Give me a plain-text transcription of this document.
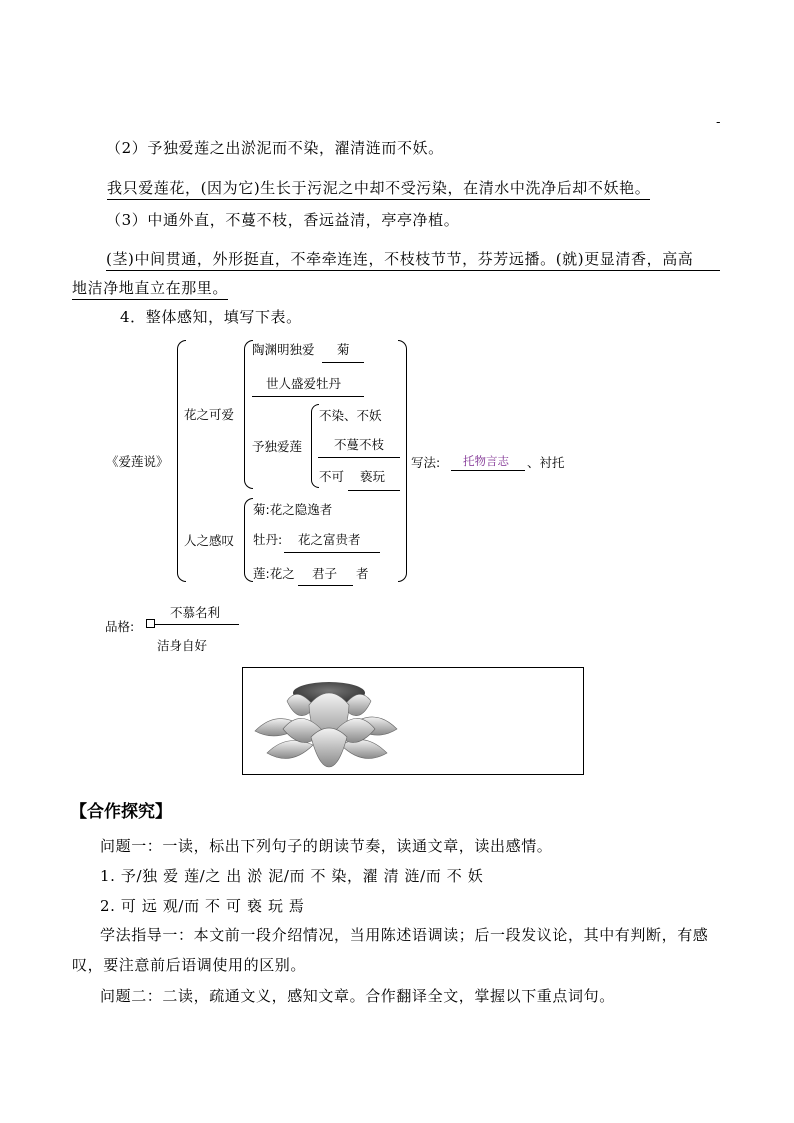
-
（2）予独爱莲之出淤泥而不染，濯清涟而不妖。
我只爱莲花，(因为它)生长于污泥之中却不受污染，在清水中洗净后却不妖艳。
（3）中通外直，不蔓不枝，香远益清，亭亭净植。
(茎)中间贯通，外形挺直，不牵牵连连，不枝枝节节，芬芳远播。(就)更显清香，高高
地洁净地直立在那里。
4．整体感知，填写下表。
《爱莲说》
花之可爱
陶渊明独爱 菊
世人盛爱牡丹
予独爱莲
不染、不妖
不蔓不枝
不可 亵玩
写法: 托物言志 、衬托
人之感叹
菊:花之隐逸者
牡丹: 花之富贵者
莲:花之 君子 者
品格:
不慕名利
洁身自好
【合作探究】
问题一：一读，标出下列句子的朗读节奏，读通文章，读出感情。
1. 予/独 爱 莲/之 出 淤 泥/而 不 染，濯 清 涟/而 不 妖
2. 可 远 观/而 不 可 亵 玩 焉
学法指导一：本文前一段介绍情况，当用陈述语调读；后一段发议论，其中有判断，有感
叹，要注意前后语调使用的区别。
问题二：二读，疏通文义，感知文章。合作翻译全文，掌握以下重点词句。
